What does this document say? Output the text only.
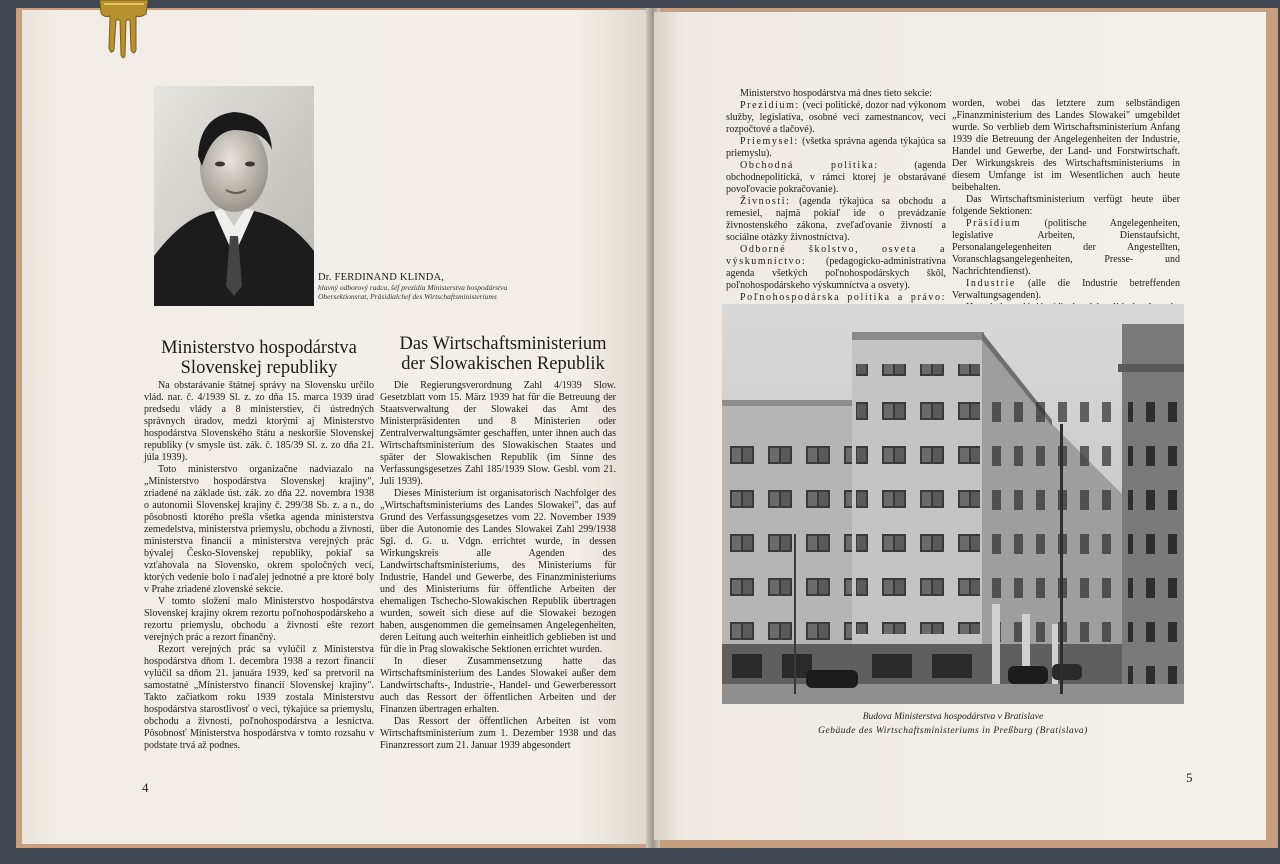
Dr. FERDINAND KLINDA,
hlavný odborový radca, šéf prezídia Ministerstva hospodárstva
Obersektionsrat, Präsidialchef des Wirtschaftsministeriums
Ministerstvo hospodárstva
Slovenskej republiky
Das Wirtschaftsministerium
der Slowakischen Republik

Na obstarávanie štátnej správy na Slovensku určilo vlád. nar. č. 4/1939 Sl. z. zo dňa 15. marca 1939 úrad predsedu vlády a 8 ministerstiev, či ústredných správnych úradov, medzi ktorými aj Ministerstvo hospodárstva Slovenského štátu a neskoršie Slovenskej republiky (v smysle úst. zák. č. 185/39 Sl. z. zo dňa 21. júla 1939).

Toto ministerstvo organizačne nadviazalo na „Ministerstvo hospodárstva Slovenskej krajiny", zriadené na základe úst. zák. zo dňa 22. novembra 1938 o autonomii Slovenskej krajiny č. 299/38 Sb. z. a n., do pôsobnosti ktorého prešla všetka agenda ministerstva zemedelstva, ministerstva priemyslu, obchodu a živností, ministerstva financií a ministerstva verejných prác bývalej Česko-Slovenskej republiky, pokiaľ sa vzťahovala na Slovensko, okrem spoločných vecí, ktorých vedenie bolo i naďalej jednotné a pre ktoré boly v Prahe zriadené zlovenské sekcie.

V tomto složení malo Ministerstvo hospodárstva Slovenskej krajiny okrem rezortu poľnohospodárskeho a rezortu priemyslu, obchodu a živností ešte rezort verejných prác a rezort finančný.

Rezort verejných prác sa vylúčil z Ministerstva hospodárstva dňom 1. decembra 1938 a rezort financií vylúčil sa dňom 21. januára 1939, keď sa pretvoril na samostatné „Ministerstvo financií Slovenskej krajiny". Takto začiatkom roku 1939 zostala Ministerstvu hospodárstva starostlivosť o veci, týkajúce sa priemyslu, obchodu a živností, poľnohospodárstva a lesnictva. Pôsobnosť Ministerstva hospodárstva v tomto rozsahu v podstate trvá až podnes.

Die Regierungsverordnung Zahl 4/1939 Slow. Gesetzblatt vom 15. März 1939 hat für die Betreuung der Staatsverwaltung der Slowakei das Amt des Ministerpräsidenten und 8 Ministerien oder Zentralverwaltungsämter geschaffen, unter ihnen auch das Wirtschaftsministerium des Slowakischen Staates und später der Slowakischen Republik (im Sinne des Verfassungsgesetzes Zahl 185/1939 Slow. Gesbl. vom 21. Juli 1939).

Dieses Ministerium ist organisatorisch Nachfolger des „Wirtschaftsministeriums des Landes Slowakei", das auf Grund des Verfassungsgesetzes vom 22. November 1939 über die Autonomie des Landes Slowakei Zahl 299/1938 Sgl. d. G. u. Vdgn. errichtet wurde, in dessen Wirkungskreis alle Agenden des Landwirtschaftsministeriums, des Ministeriums für Industrie, Handel und Gewerbe, des Finanzministeriums und des Ministeriums für öffentliche Arbeiten der ehemaligen Tschecho-Slowakischen Republik übertragen wurden, soweit sich diese auf die Slowakei bezogen haben, ausgenommen die gemeinsamen Angelegenheiten, deren Leitung auch weiterhin einheitlich geblieben ist und für die in Prag slowakische Sektionen errichtet wurden.

In dieser Zusammensetzung hatte das Wirtschaftsministerium des Landes Slowakei außer dem Landwirtschafts-, Industrie-, Handel- und Gewerberessort auch das Ressort der öffentlichen Arbeiten und der Finanzen übertragen erhalten.

Das Ressort der öffentlichen Arbeiten ist vom Wirtschaftsministerium zum 1. Dezember 1938 und das Finanzressort zum 21. Januar 1939 abgesondert

4

Ministerstvo hospodárstva má dnes tieto sekcie:

Prezidium: (veci politické, dozor nad výkonom služby, legislatíva, osobné veci zamestnancov, veci rozpočtové a tlačové).

Priemysel: (všetka správna agenda týkajúca sa priemyslu).

Obchodná politika: (agenda obchodnepolitická, v rámci ktorej je obstarávané povoľovacie pokračovanie).

Živnosti: (agenda týkajúca sa obchodu a remesiel, najmä pokiaľ ide o prevádzanie živnostenského zákona, zveľaďovanie živností a sociálne otázky živnostníctva).

Odborné školstvo, osveta a výskumníctvo: (pedagogicko-administratívna agenda všetkých poľnohospodárskych škôl, poľnohospodárskeho výskumníctva a osvety).

Poľnohospodárska politika a právo:

worden, wobei das letztere zum selbständigen „Finanzministerium des Landes Slowakei" umgebildet wurde. So verblieb dem Wirtschaftsministerium Anfang 1939 die Betreuung der Angelegenheiten der Industrie, Handel und Gewerbe, der Land- und Forstwirtschaft. Der Wirkungskreis des Wirtschaftsministeriums in diesem Umfange ist im Wesentlichen auch heute beibehalten.

Das Wirtschaftsministerium verfügt heute über folgende Sektionen:

Präsidium (politische Angelegenheiten, legislative Arbeiten, Dienstaufsicht, Personalangelegenheiten der Angestellten, Voranschlagsangelegenheiten, Presse- und Nachrichtendienst).

Industrie (alle die Industrie betreffenden Verwaltungsagenden).

Budova Ministerstva hospodárstva v Bratislave
Gebäude des Wirtschaftsministeriums in Preßburg (Bratislava)
5
